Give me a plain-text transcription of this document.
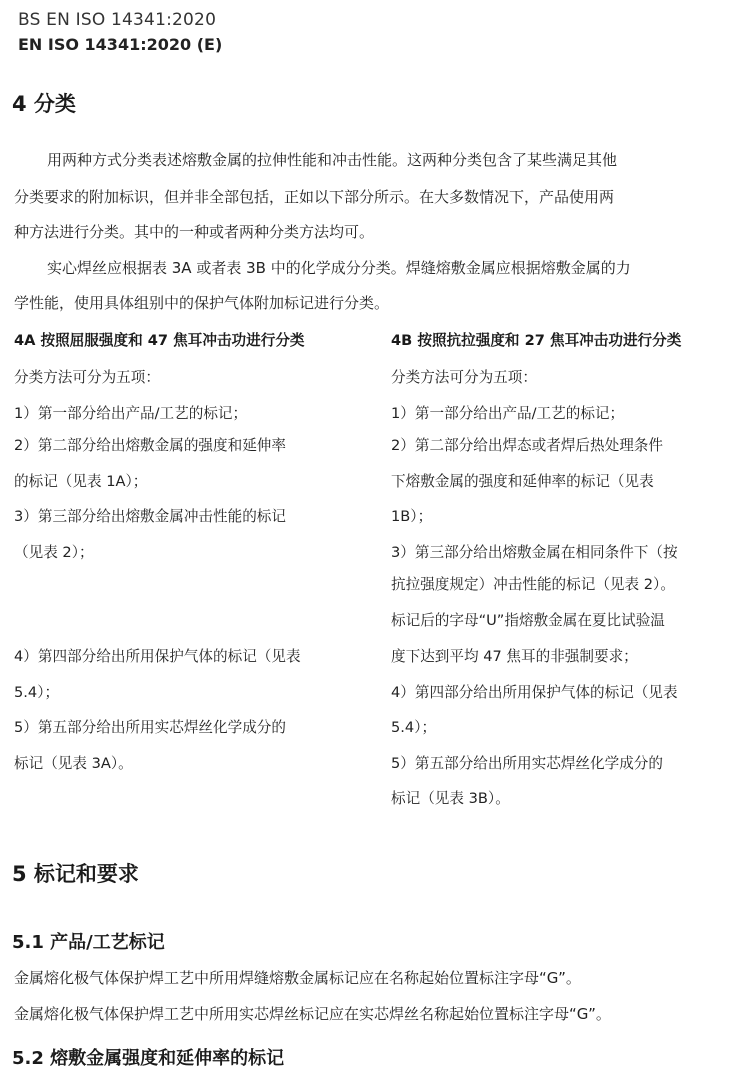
BS EN ISO 14341:2020
EN ISO 14341:2020 (E)
4 分类
用两种方式分类表述熔敷金属的拉伸性能和冲击性能。这两种分类包含了某些满足其他
分类要求的附加标识，但并非全部包括，正如以下部分所示。在大多数情况下，产品使用两
种方法进行分类。其中的一种或者两种分类方法均可。
实心焊丝应根据表 3A 或者表 3B 中的化学成分分类。焊缝熔敷金属应根据熔敷金属的力
学性能，使用具体组别中的保护气体附加标记进行分类。
4A 按照屈服强度和 47 焦耳冲击功进行分类
分类方法可分为五项：
1）第一部分给出产品/工艺的标记；
2）第二部分给出熔敷金属的强度和延伸率
的标记（见表 1A）；
3）第三部分给出熔敷金属冲击性能的标记
（见表 2）；
4）第四部分给出所用保护气体的标记（见表
5.4）；
5）第五部分给出所用实芯焊丝化学成分的
标记（见表 3A）。
4B 按照抗拉强度和 27 焦耳冲击功进行分类
分类方法可分为五项：
1）第一部分给出产品/工艺的标记；
2）第二部分给出焊态或者焊后热处理条件
下熔敷金属的强度和延伸率的标记（见表
1B）；
3）第三部分给出熔敷金属在相同条件下（按
抗拉强度规定）冲击性能的标记（见表 2）。
标记后的字母“U”指熔敷金属在夏比试验温
度下达到平均 47 焦耳的非强制要求；
4）第四部分给出所用保护气体的标记（见表
5.4）；
5）第五部分给出所用实芯焊丝化学成分的
标记（见表 3B）。
5 标记和要求
5.1 产品/工艺标记
金属熔化极气体保护焊工艺中所用焊缝熔敷金属标记应在名称起始位置标注字母“G”。
金属熔化极气体保护焊工艺中所用实芯焊丝标记应在实芯焊丝名称起始位置标注字母“G”。
5.2 熔敷金属强度和延伸率的标记
